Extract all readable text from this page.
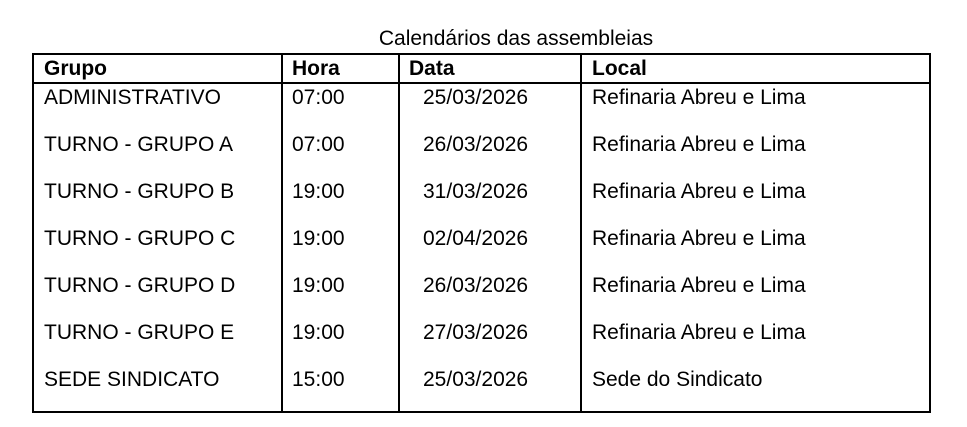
Calendários das assembleias
Grupo	Hora	Data	Local
ADMINISTRATIVO	07:00	25/03/2026	Refinaria Abreu e Lima
TURNO - GRUPO A	07:00	26/03/2026	Refinaria Abreu e Lima
TURNO - GRUPO B	19:00	31/03/2026	Refinaria Abreu e Lima
TURNO - GRUPO C	19:00	02/04/2026	Refinaria Abreu e Lima
TURNO - GRUPO D	19:00	26/03/2026	Refinaria Abreu e Lima
TURNO - GRUPO E	19:00	27/03/2026	Refinaria Abreu e Lima
SEDE SINDICATO	15:00	25/03/2026	Sede do Sindicato
